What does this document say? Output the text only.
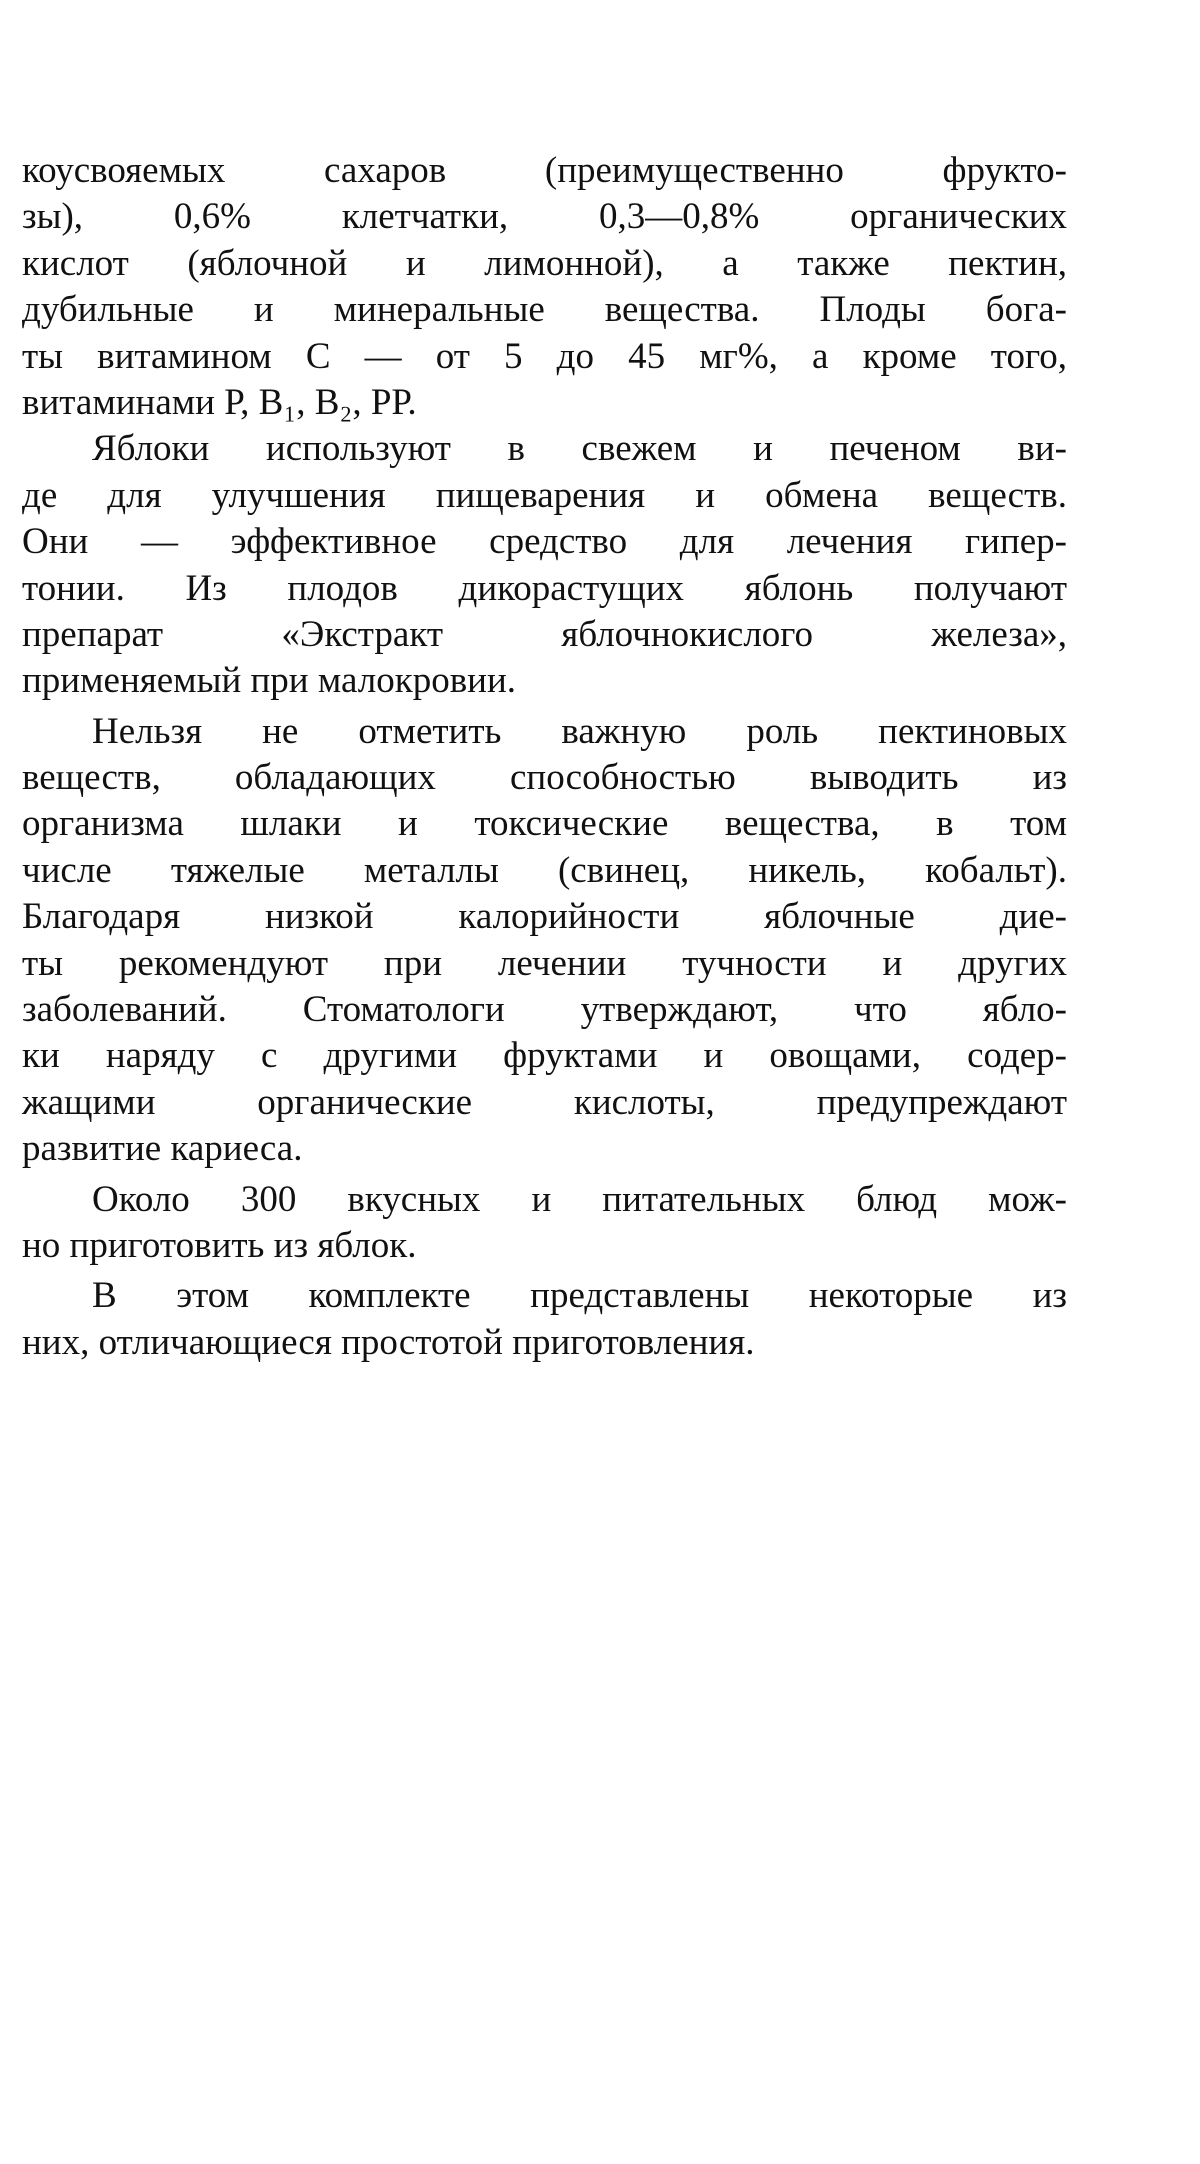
коусвояемых сахаров (преимущественно фрукто-
зы), 0,6% клетчатки, 0,3—0,8% органических
кислот (яблочной и лимонной), а также пектин,
дубильные и минеральные вещества. Плоды бога-
ты витамином С — от 5 до 45 мг%, а кроме того,
витаминами Р, B₁, B₂, РР.
Яблоки используют в свежем и печеном ви-
де для улучшения пищеварения и обмена веществ.
Они — эффективное средство для лечения гипер-
тонии. Из плодов дикорастущих яблонь получают
препарат «Экстракт яблочнокислого железа»,
применяемый при малокровии.
Нельзя не отметить важную роль пектиновых
веществ, обладающих способностью выводить из
организма шлаки и токсические вещества, в том
числе тяжелые металлы (свинец, никель, кобальт).
Благодаря низкой калорийности яблочные дие-
ты рекомендуют при лечении тучности и других
заболеваний. Стоматологи утверждают, что ябло-
ки наряду с другими фруктами и овощами, содер-
жащими органические кислоты, предупреждают
развитие кариеса.
Около 300 вкусных и питательных блюд мож-
но приготовить из яблок.
В этом комплекте представлены некоторые из
них, отличающиеся простотой приготовления.
